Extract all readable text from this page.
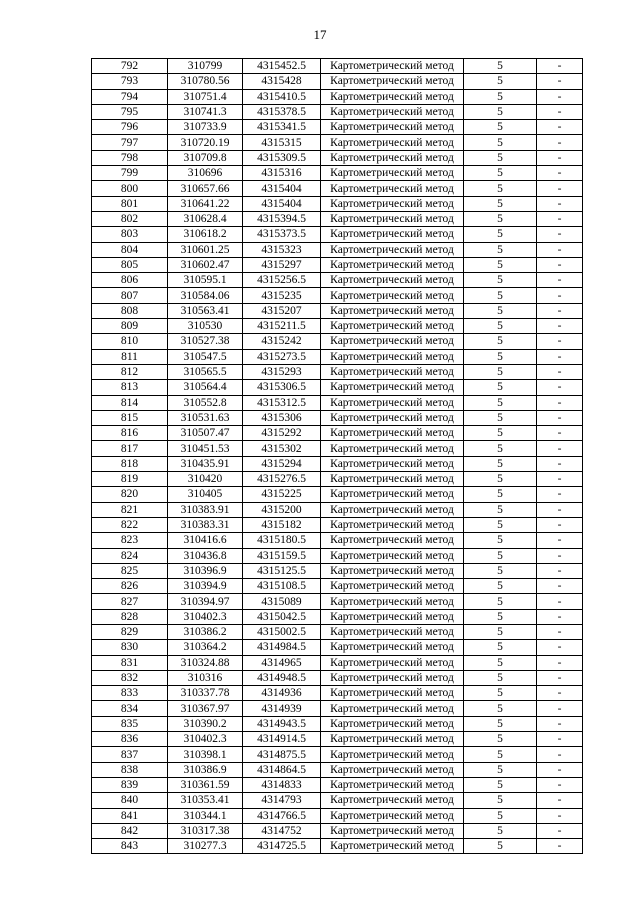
17
792	310799	4315452.5	Картометрический метод	5	-
793	310780.56	4315428	Картометрический метод	5	-
794	310751.4	4315410.5	Картометрический метод	5	-
795	310741.3	4315378.5	Картометрический метод	5	-
796	310733.9	4315341.5	Картометрический метод	5	-
797	310720.19	4315315	Картометрический метод	5	-
798	310709.8	4315309.5	Картометрический метод	5	-
799	310696	4315316	Картометрический метод	5	-
800	310657.66	4315404	Картометрический метод	5	-
801	310641.22	4315404	Картометрический метод	5	-
802	310628.4	4315394.5	Картометрический метод	5	-
803	310618.2	4315373.5	Картометрический метод	5	-
804	310601.25	4315323	Картометрический метод	5	-
805	310602.47	4315297	Картометрический метод	5	-
806	310595.1	4315256.5	Картометрический метод	5	-
807	310584.06	4315235	Картометрический метод	5	-
808	310563.41	4315207	Картометрический метод	5	-
809	310530	4315211.5	Картометрический метод	5	-
810	310527.38	4315242	Картометрический метод	5	-
811	310547.5	4315273.5	Картометрический метод	5	-
812	310565.5	4315293	Картометрический метод	5	-
813	310564.4	4315306.5	Картометрический метод	5	-
814	310552.8	4315312.5	Картометрический метод	5	-
815	310531.63	4315306	Картометрический метод	5	-
816	310507.47	4315292	Картометрический метод	5	-
817	310451.53	4315302	Картометрический метод	5	-
818	310435.91	4315294	Картометрический метод	5	-
819	310420	4315276.5	Картометрический метод	5	-
820	310405	4315225	Картометрический метод	5	-
821	310383.91	4315200	Картометрический метод	5	-
822	310383.31	4315182	Картометрический метод	5	-
823	310416.6	4315180.5	Картометрический метод	5	-
824	310436.8	4315159.5	Картометрический метод	5	-
825	310396.9	4315125.5	Картометрический метод	5	-
826	310394.9	4315108.5	Картометрический метод	5	-
827	310394.97	4315089	Картометрический метод	5	-
828	310402.3	4315042.5	Картометрический метод	5	-
829	310386.2	4315002.5	Картометрический метод	5	-
830	310364.2	4314984.5	Картометрический метод	5	-
831	310324.88	4314965	Картометрический метод	5	-
832	310316	4314948.5	Картометрический метод	5	-
833	310337.78	4314936	Картометрический метод	5	-
834	310367.97	4314939	Картометрический метод	5	-
835	310390.2	4314943.5	Картометрический метод	5	-
836	310402.3	4314914.5	Картометрический метод	5	-
837	310398.1	4314875.5	Картометрический метод	5	-
838	310386.9	4314864.5	Картометрический метод	5	-
839	310361.59	4314833	Картометрический метод	5	-
840	310353.41	4314793	Картометрический метод	5	-
841	310344.1	4314766.5	Картометрический метод	5	-
842	310317.38	4314752	Картометрический метод	5	-
843	310277.3	4314725.5	Картометрический метод	5	-
